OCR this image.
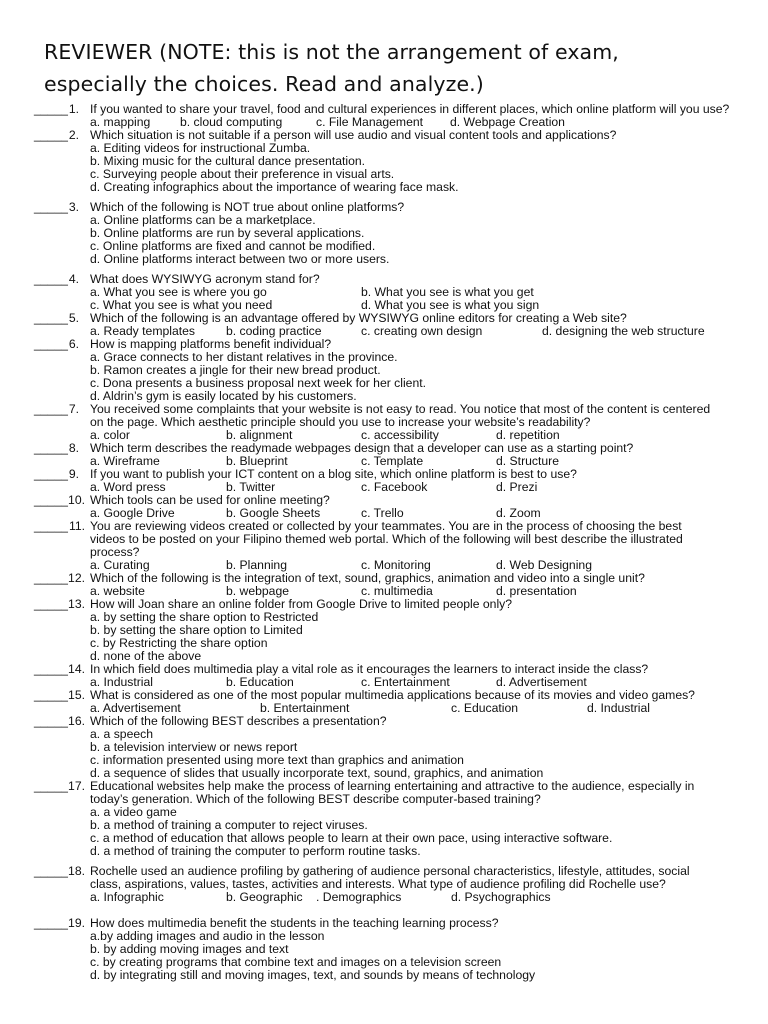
REVIEWER (NOTE: this is not the arrangement of exam,
especially the choices. Read and analyze.)
_____ 1. If you wanted to share your travel, food and cultural experiences in different places, which online platform will you use?
a. mapping b. cloud computing	c. File Management d. Webpage Creation
_____ 2. Which situation is not suitable if a person will use audio and visual content tools and applications?
a. Editing videos for instructional Zumba.
b. Mixing music for the cultural dance presentation.
c. Surveying people about their preference in visual arts.
d. Creating infographics about the importance of wearing face mask.
_____ 3. Which of the following is NOT true about online platforms?
a. Online platforms can be a marketplace.
b. Online platforms are run by several applications.
c. Online platforms are fixed and cannot be modified.
d. Online platforms interact between two or more users.
_____ 4. What does WYSIWYG acronym stand for?
a. What you see is where you go	b. What you see is what you get
c. What you see is what you need	d. What you see is what you sign
_____ 5. Which of the following is an advantage offered by WYSIWYG online editors for creating a Web site?
a. Ready templates	b. coding practice	c. creating own design	d. designing the web structure
_____ 6. How is mapping platforms benefit individual?
a. Grace connects to her distant relatives in the province.
b. Ramon creates a jingle for their new bread product.
c. Dona presents a business proposal next week for her client.
d. Aldrin’s gym is easily located by his customers.
_____ 7. You received some complaints that your website is not easy to read. You notice that most of the content is centered
on the page. Which aesthetic principle should you use to increase your website’s readability?
a. color	b. alignment	c. accessibility	d. repetition
_____ 8. Which term describes the readymade webpages design that a developer can use as a starting point?
a. Wireframe	b. Blueprint	c. Template	d. Structure
_____ 9. If you want to publish your ICT content on a blog site, which online platform is best to use?
a. Word press	b. Twitter	c. Facebook	d. Prezi
_____ 10. Which tools can be used for online meeting?
a. Google Drive	b. Google Sheets	c. Trello	d. Zoom
_____ 11. You are reviewing videos created or collected by your teammates. You are in the process of choosing the best
videos to be posted on your Filipino themed web portal. Which of the following will best describe the illustrated
process?
a. Curating	b. Planning	c. Monitoring	d. Web Designing
_____ 12. Which of the following is the integration of text, sound, graphics, animation and video into a single unit?
a. website	b. webpage	c. multimedia	d. presentation
_____ 13. How will Joan share an online folder from Google Drive to limited people only?
a. by setting the share option to Restricted
b. by setting the share option to Limited
c. by Restricting the share option
d. none of the above
_____ 14. In which field does multimedia play a vital role as it encourages the learners to interact inside the class?
a. Industrial	b. Education	c. Entertainment	d. Advertisement
_____ 15. What is considered as one of the most popular multimedia applications because of its movies and video games?
a. Advertisement	b. Entertainment	c. Education	d. Industrial
_____ 16. Which of the following BEST describes a presentation?
a. a speech
b. a television interview or news report
c. information presented using more text than graphics and animation
d. a sequence of slides that usually incorporate text, sound, graphics, and animation
_____ 17. Educational websites help make the process of learning entertaining and attractive to the audience, especially in
today’s generation. Which of the following BEST describe computer-based training?
a. a video game
b. a method of training a computer to reject viruses.
c. a method of education that allows people to learn at their own pace, using interactive software.
d. a method of training the computer to perform routine tasks.
_____ 18. Rochelle used an audience profiling by gathering of audience personal characteristics, lifestyle, attitudes, social
class, aspirations, values, tastes, activities and interests. What type of audience profiling did Rochelle use?
a. Infographic	b. Geographic . Demographics	d. Psychographics
_____ 19. How does multimedia benefit the students in the teaching learning process?
a.by adding images and audio in the lesson
b. by adding moving images and text
c. by creating programs that combine text and images on a television screen
d. by integrating still and moving images, text, and sounds by means of technology
